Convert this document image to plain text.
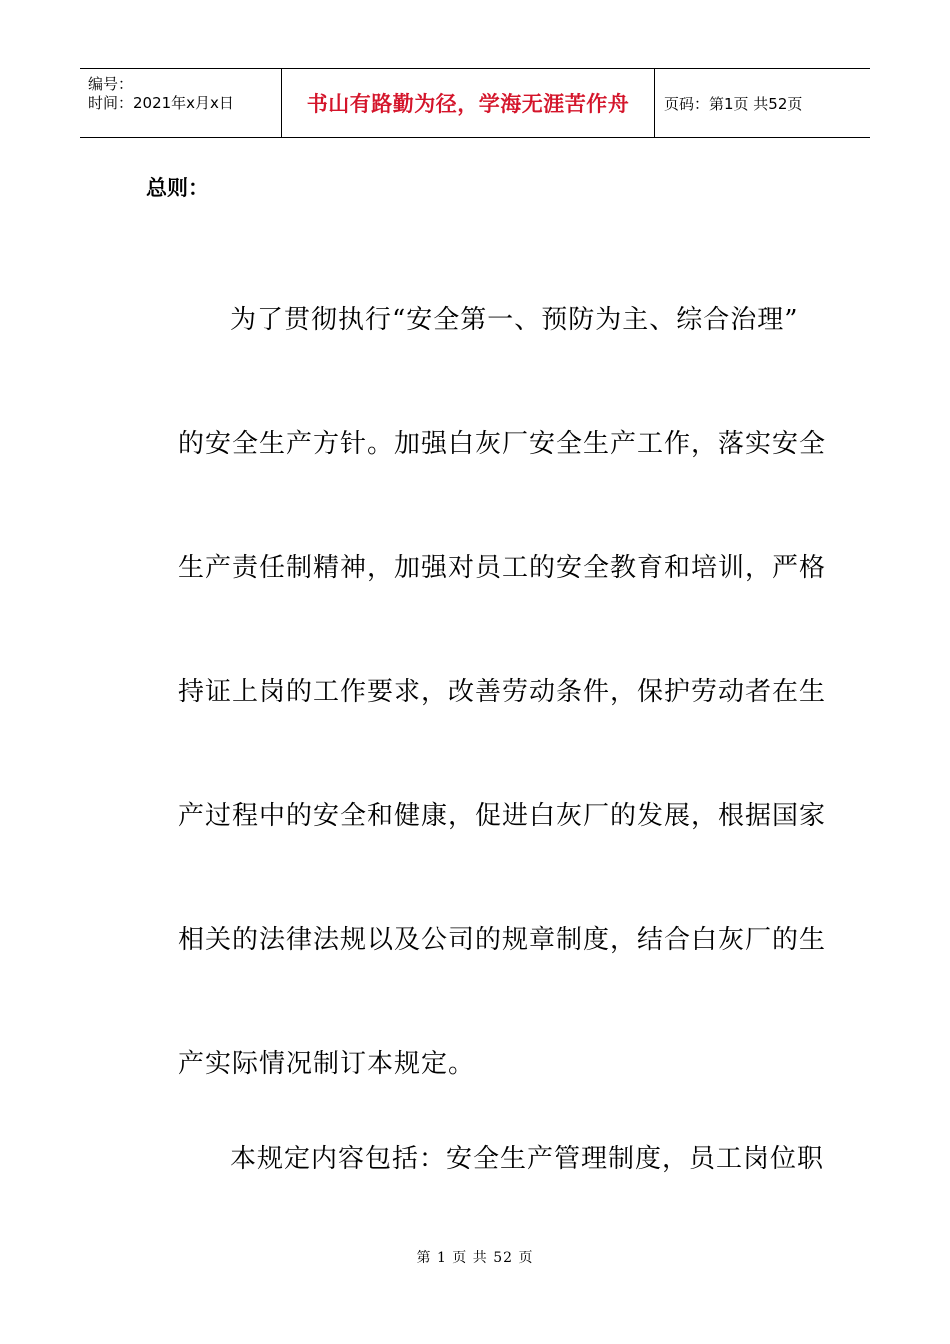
编号：
时间：2021年x月x日	书山有路勤为径，学海无涯苦作舟 页码：第1页 共52页
总则：
为了贯彻执行“安全第一、预防为主、综合治理”
的安全生产方针。加强白灰厂安全生产工作，落实安全
生产责任制精神，加强对员工的安全教育和培训，严格
持证上岗的工作要求，改善劳动条件，保护劳动者在生
产过程中的安全和健康，促进白灰厂的发展，根据国家
相关的法律法规以及公司的规章制度，结合白灰厂的生
产实际情况制订本规定。
本规定内容包括：安全生产管理制度，员工岗位职
第 1 页 共 52 页
